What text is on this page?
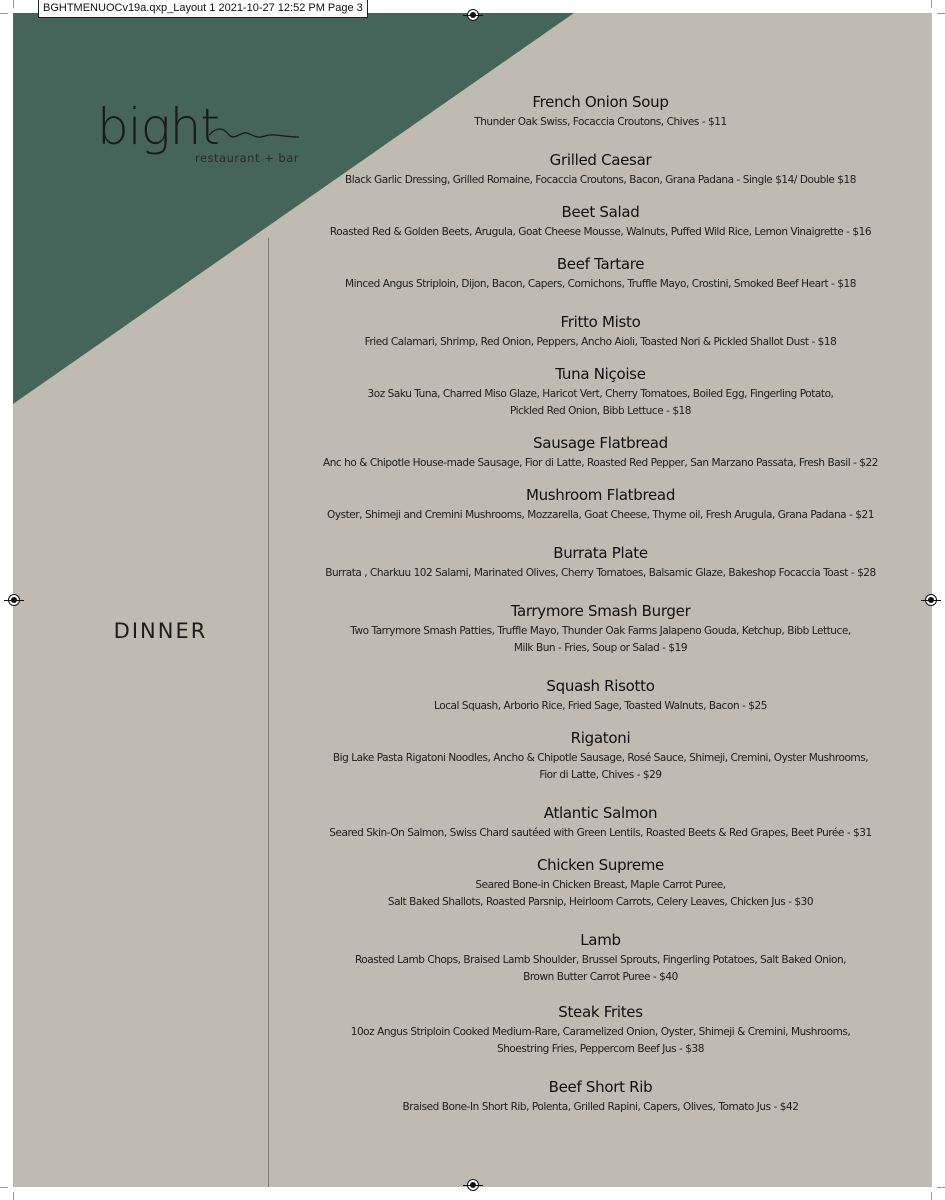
BGHTMENUOCv19a.qxp_Layout 1 2021-10-27 12:52 PM Page 3
bight
restaurant + bar
DINNER
French Onion Soup
Thunder Oak Swiss, Focaccia Croutons, Chives - $11
Grilled Caesar
Black Garlic Dressing, Grilled Romaine, Focaccia Croutons, Bacon, Grana Padana - Single $14/ Double $18
Beet Salad
Roasted Red & Golden Beets, Arugula, Goat Cheese Mousse, Walnuts, Puffed Wild Rice, Lemon Vinaigrette - $16
Beef Tartare
Minced Angus Striploin, Dijon, Bacon, Capers, Cornichons, Truffle Mayo, Crostini, Smoked Beef Heart - $18
Fritto Misto
Fried Calamari, Shrimp, Red Onion, Peppers, Ancho Aioli, Toasted Nori & Pickled Shallot Dust - $18
Tuna Niçoise
3oz Saku Tuna, Charred Miso Glaze, Haricot Vert, Cherry Tomatoes, Boiled Egg, Fingerling Potato,
Pickled Red Onion, Bibb Lettuce - $18
Sausage Flatbread
Anc ho & Chipotle House-made Sausage, Fior di Latte, Roasted Red Pepper, San Marzano Passata, Fresh Basil - $22
Mushroom Flatbread
Oyster, Shimeji and Cremini Mushrooms, Mozzarella, Goat Cheese, Thyme oil, Fresh Arugula, Grana Padana - $21
Burrata Plate
Burrata , Charkuu 102 Salami, Marinated Olives, Cherry Tomatoes, Balsamic Glaze, Bakeshop Focaccia Toast - $28
Tarrymore Smash Burger
Two Tarrymore Smash Patties, Truffle Mayo, Thunder Oak Farms Jalapeno Gouda, Ketchup, Bibb Lettuce,
Milk Bun - Fries, Soup or Salad - $19
Squash Risotto
Local Squash, Arborio Rice, Fried Sage, Toasted Walnuts, Bacon - $25
Rigatoni
Big Lake Pasta Rigatoni Noodles, Ancho & Chipotle Sausage, Rosé Sauce, Shimeji, Cremini, Oyster Mushrooms,
Fior di Latte, Chives - $29
Atlantic Salmon
Seared Skin-On Salmon, Swiss Chard sautéed with Green Lentils, Roasted Beets & Red Grapes, Beet Purée - $31
Chicken Supreme
Seared Bone-in Chicken Breast, Maple Carrot Puree,
Salt Baked Shallots, Roasted Parsnip, Heirloom Carrots, Celery Leaves, Chicken Jus - $30
Lamb
Roasted Lamb Chops, Braised Lamb Shoulder, Brussel Sprouts, Fingerling Potatoes, Salt Baked Onion,
Brown Butter Carrot Puree - $40
Steak Frites
10oz Angus Striploin Cooked Medium-Rare, Caramelized Onion, Oyster, Shimeji & Cremini, Mushrooms,
Shoestring Fries, Peppercorn Beef Jus - $38
Beef Short Rib
Braised Bone-In Short Rib, Polenta, Grilled Rapini, Capers, Olives, Tomato Jus - $42
